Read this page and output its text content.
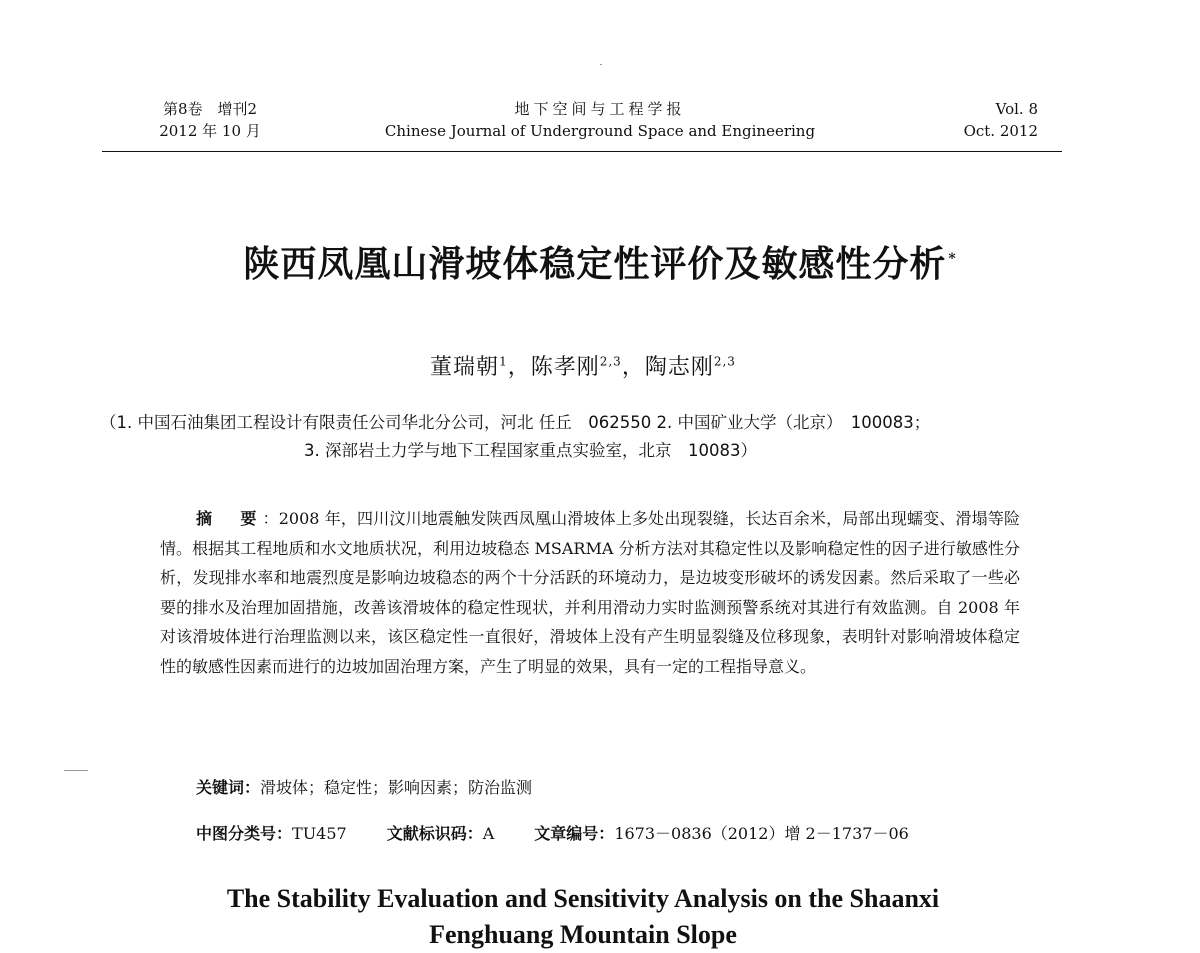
第8卷　增刊2
2012 年 10 月
地下空间与工程学报
Chinese Journal of Underground Space and Engineering
Vol. 8
Oct. 2012
陕西凤凰山滑坡体稳定性评价及敏感性分析 *
董瑞朝$^1$，陈孝刚$^{2,3}$，陶志刚$^{2,3}$
（1. 中国石油集团工程设计有限责任公司华北分公司，河北 任丘　062550 2. 中国矿业大学（北京）　100083；
3. 深部岩土力学与地下工程国家重点实验室，北京　10083）
摘　要：2008 年，四川汶川地震触发陕西凤凰山滑坡体上多处出现裂缝，长达百余米，局部出现蠕变、滑塌等险情。根据其工程地质和水文地质状况，利用边坡稳态 MSARMA 分析方法对其稳定性以及影响稳定性的因子进行敏感性分析，发现排水率和地震烈度是影响边坡稳态的两个十分活跃的环境动力，是边坡变形破坏的诱发因素。然后采取了一些必要的排水及治理加固措施，改善该滑坡体的稳定性现状，并利用滑动力实时监测预警系统对其进行有效监测。自 2008 年对该滑坡体进行治理监测以来，该区稳定性一直很好，滑坡体上没有产生明显裂缝及位移现象，表明针对影响滑坡体稳定性的敏感性因素而进行的边坡加固治理方案，产生了明显的效果，具有一定的工程指导意义。
关键词：滑坡体；稳定性；影响因素；防治监测
中图分类号：TU457	文献标识码：A	文章编号：1673－0836（2012）增 2－1737－06
The Stability Evaluation and Sensitivity Analysis on the Shaanxi
Fenghuang Mountain Slope
